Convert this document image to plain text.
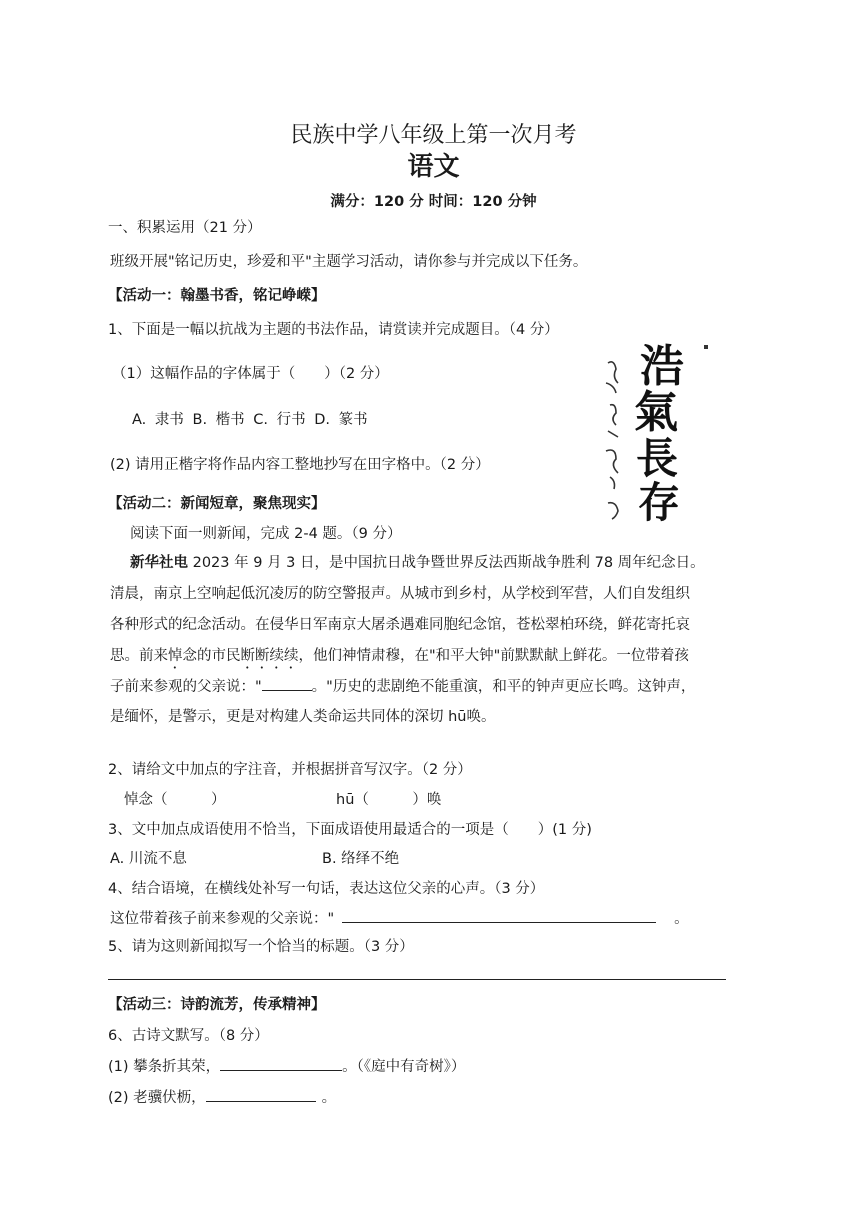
民族中学八年级上第一次月考
语文
满分：120 分 时间：120 分钟
一、积累运用（21 分）
班级开展"铭记历史，珍爱和平"主题学习活动，请你参与并完成以下任务。
【活动一：翰墨书香，铭记峥嵘】
1、下面是一幅以抗战为主题的书法作品，请赏读并完成题目。（4 分）
（1）这幅作品的字体属于（　　）（2 分）
A. 隶书 B. 楷书 C. 行书 D. 篆书
(2) 请用正楷字将作品内容工整地抄写在田字格中。（2 分）
浩
氣
長
存
【活动二：新闻短章，聚焦现实】
阅读下面一则新闻，完成 2-4 题。（9 分）
新华社电 2023 年 9 月 3 日，是中国抗日战争暨世界反法西斯战争胜利 78 周年纪念日。
清晨，南京上空响起低沉凌厉的防空警报声。从城市到乡村，从学校到军营，人们自发组织
各种形式的纪念活动。在侵华日军南京大屠杀遇难同胞纪念馆，苍松翠柏环绕，鲜花寄托哀
思。前来悼念的市民断断续续，他们神情肃穆，在"和平大钟"前默默献上鲜花。一位带着孩
子前来参观的父亲说："	。"历史的悲剧绝不能重演，和平的钟声更应长鸣。这钟声，
是缅怀，是警示，更是对构建人类命运共同体的深切 hū唤。
2、请给文中加点的字注音，并根据拼音写汉字。（2 分）
悼念（　　　）	hū（　　　）唤
3、文中加点成语使用不恰当，下面成语使用最适合的一项是（　　）(1 分)
A. 川流不息	B. 络绎不绝
4、结合语境，在横线处补写一句话，表达这位父亲的心声。（3 分）
这位带着孩子前来参观的父亲说："	。
5、请为这则新闻拟写一个恰当的标题。（3 分）
【活动三：诗韵流芳，传承精神】
6、古诗文默写。（8 分）
(1) 攀条折其荣，	。（《庭中有奇树》）
(2) 老骥伏枥，	。
